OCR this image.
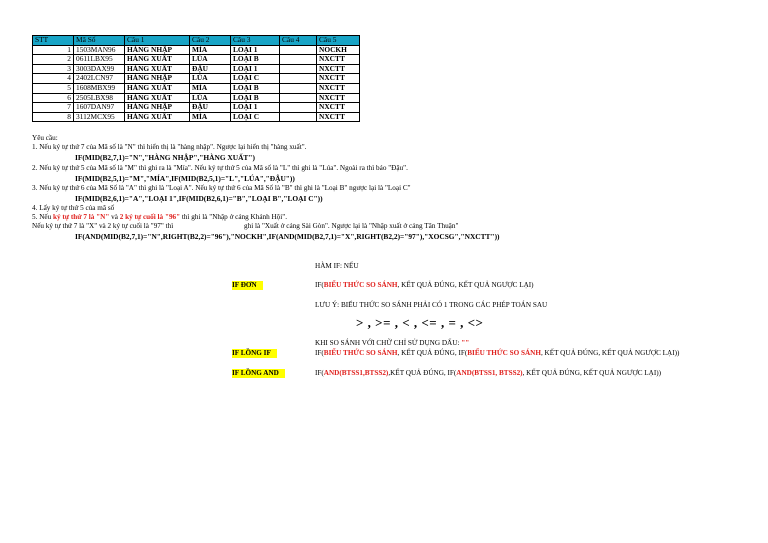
STT	Mã Số	Câu 1	Câu 2	Câu 3	Câu 4	Câu 5
1	1503MAN96	HÀNG NHẬP	MÌA	LOẠI 1		NOCKH
2	0611LBX95	HÀNG XUẤT	LÚA	LOẠI B		NXCTT
3	3003DAX99	HÀNG XUẤT	ĐẬU	LOẠI 1		NXCTT
4	2402LCN97	HÀNG NHẬP	LÚA	LOẠI C		NXCTT
5	1608MBX99	HÀNG XUẤT	MÌA	LOẠI B		NXCTT
6	2505LBX98	HÀNG XUẤT	LÚA	LOẠI B		NXCTT
7	1607DAN97	HÀNG NHẬP	ĐẬU	LOẠI 1		NXCTT
8	3112MCX95	HÀNG XUẤT	MÌA	LOẠI C		NXCTT
Yêu cầu:
1. Nếu ký tự thứ 7 của Mã số là "N" thì hiển thị là "hàng nhập". Ngược lại hiển thị "hàng xuất".
IF(MID(B2,7,1)="N","HÀNG NHẬP","HÀNG XUẤT")
2. Nếu ký tự thứ 5 của Mã số là "M" thì ghi ra là "Mía". Nếu ký tự thứ 5 của Mã số là "L" thì ghi là "Lúa". Ngoài ra thì báo "Đậu".
IF(MID(B2,5,1)="M","MÍA",IF(MID(B2,5,1)="L","LÚA","ĐẬU"))
3. Nếu ký tự thứ 6 của Mã Số là "A" thì ghi là "Loại A". Nếu ký tự thứ 6 của Mã Số là "B" thì ghi là "Loại B" ngược lại là "Loại C"
IF(MID(B2,6,1)="A","LOẠI 1",IF(MID(B2,6,1)="B","LOẠI B","LOẠI C"))
4. Lấy ký tự thứ 5 của mã số
5. Nếu ký tự thứ 7 là "N" và 2 ký tự cuối là "96" thì ghi là "Nhập ở cảng Khánh Hội".
Nếu ký tự thứ 7 là "X" và 2 ký tự cuối là "97" thì	ghi là "Xuất ở cảng Sài Gòn". Ngược lại là "Nhập xuất ở cảng Tân Thuận"
IF(AND(MID(B2,7,1)="N",RIGHT(B2,2)="96"),"NOCKH",IF(AND(MID(B2,7,1)="X",RIGHT(B2,2)="97"),"XOCSG","NXCTT"))
HÀM IF: NẾU
IF ĐƠN	IF(BIỂU THỨC SO SÁNH, KẾT QUẢ ĐÚNG, KẾT QUẢ NGƯỢC LẠI)
LƯU Ý: BIỂU THỨC SO SÁNH PHẢI CÓ 1 TRONG CÁC PHÉP TOÁN SAU
> , >= , < , <= , = , <>
KHI SO SÁNH VỚI CHỮ CHỈ SỬ DỤNG DẤU: ""
IF LỒNG IF	IF(BIỂU THỨC SO SÁNH, KẾT QUẢ ĐÚNG, IF(BIỂU THỨC SO SÁNH, KẾT QUẢ ĐÚNG, KẾT QUẢ NGƯỢC LẠI))
IF LỒNG AND	IF(AND(BTSS1,BTSS2),KẾT QUẢ ĐÚNG, IF(AND(BTSS1, BTSS2), KẾT QUẢ ĐÚNG, KẾT QUẢ NGƯỢC LẠI))
